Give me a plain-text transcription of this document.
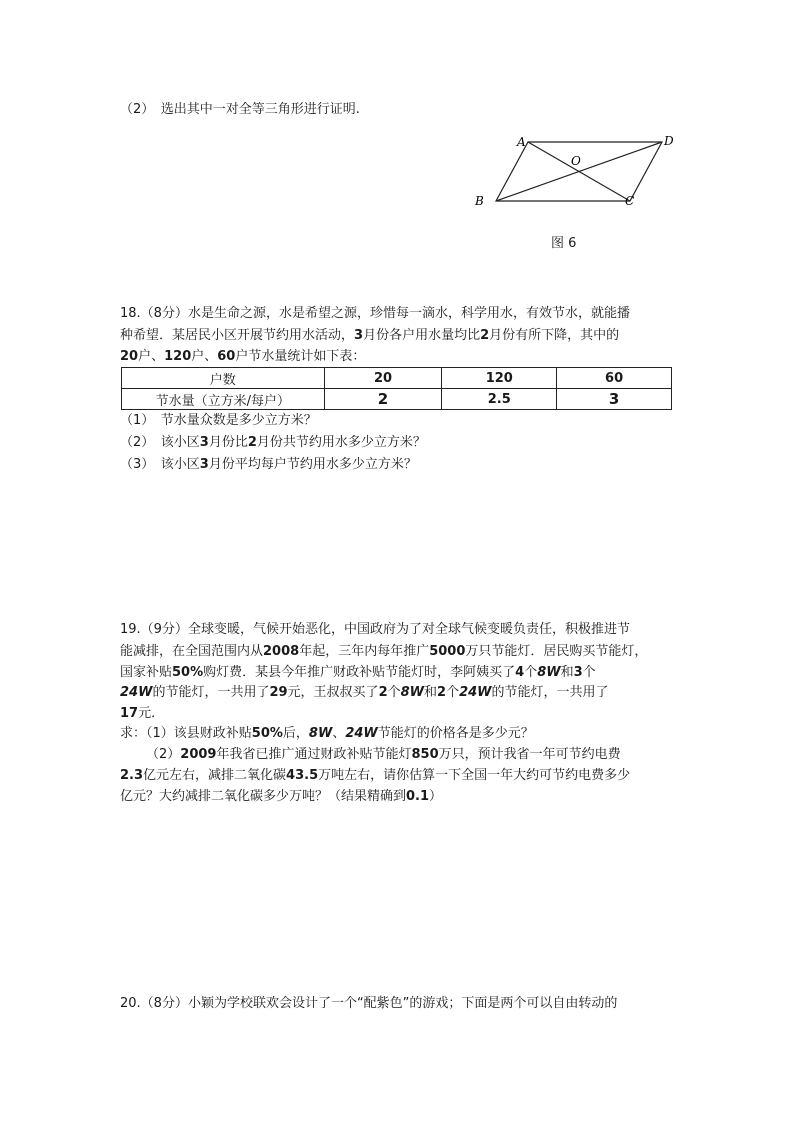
（2）　选出其中一对全等三角形进行证明.
A	D
O
B	C
图 6
18.（8分）水是生命之源，水是希望之源，珍惜每一滴水，科学用水，有效节水，就能播
种希望．某居民小区开展节约用水活动，3月份各户用水量均比2月份有所下降，其中的
20户、120户、60户节水量统计如下表：
户数	20	120	60
节水量（立方米/每户）	2	2.5	3
（1）　节水量众数是多少立方米？
（2）　该小区3月份比2月份共节约用水多少立方米？
（3）　该小区3月份平均每户节约用水多少立方米？
19.（9分）全球变暖，气候开始恶化，中国政府为了对全球气候变暖负责任，积极推进节
能减排，在全国范围内从2008年起，三年内每年推广5000万只节能灯．居民购买节能灯，
国家补贴50%购灯费．某县今年推广财政补贴节能灯时，李阿姨买了4个8W和3个
24W的节能灯，一共用了29元，王叔叔买了2个8W和2个24W的节能灯，一共用了
17元．
求：（1）该县财政补贴50%后，8W、24W节能灯的价格各是多少元？
（2）2009年我省已推广通过财政补贴节能灯850万只，预计我省一年可节约电费
2.3亿元左右，减排二氧化碳43.5万吨左右，请你估算一下全国一年大约可节约电费多少
亿元？大约减排二氧化碳多少万吨？（结果精确到0.1）
20.（8分）小颖为学校联欢会设计了一个“配紫色”的游戏；下面是两个可以自由转动的
